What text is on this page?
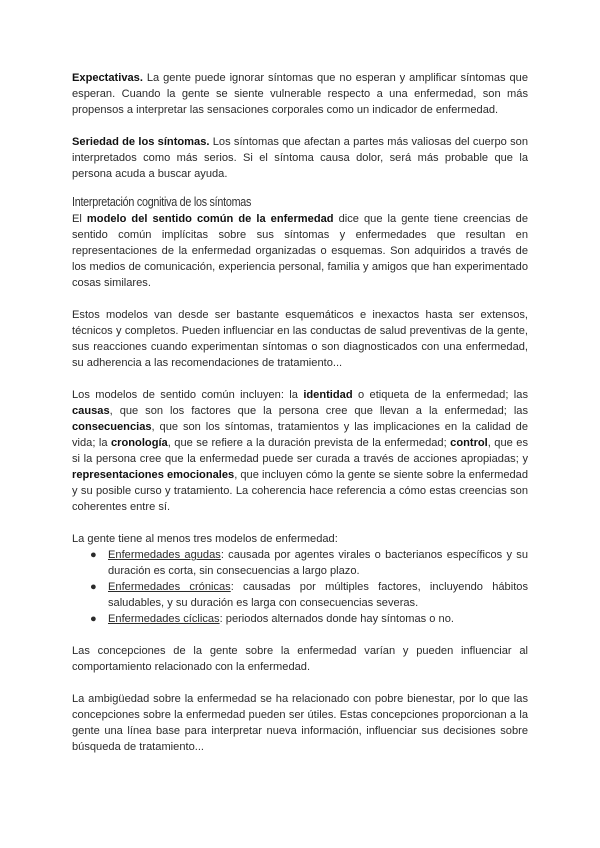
Expectativas. La gente puede ignorar síntomas que no esperan y amplificar síntomas que esperan. Cuando la gente se siente vulnerable respecto a una enfermedad, son más propensos a interpretar las sensaciones corporales como un indicador de enfermedad.

Seriedad de los síntomas. Los síntomas que afectan a partes más valiosas del cuerpo son interpretados como más serios. Si el síntoma causa dolor, será más probable que la persona acuda a buscar ayuda.

Interpretación cognitiva de los síntomas

El modelo del sentido común de la enfermedad dice que la gente tiene creencias de sentido común implícitas sobre sus síntomas y enfermedades que resultan en representaciones de la enfermedad organizadas o esquemas. Son adquiridos a través de los medios de comunicación, experiencia personal, familia y amigos que han experimentado cosas similares.

Estos modelos van desde ser bastante esquemáticos e inexactos hasta ser extensos, técnicos y completos. Pueden influenciar en las conductas de salud preventivas de la gente, sus reacciones cuando experimentan síntomas o son diagnosticados con una enfermedad, su adherencia a las recomendaciones de tratamiento...

Los modelos de sentido común incluyen: la identidad o etiqueta de la enfermedad; las causas, que son los factores que la persona cree que llevan a la enfermedad; las consecuencias, que son los síntomas, tratamientos y las implicaciones en la calidad de vida; la cronología, que se refiere a la duración prevista de la enfermedad; control, que es si la persona cree que la enfermedad puede ser curada a través de acciones apropiadas; y representaciones emocionales, que incluyen cómo la gente se siente sobre la enfermedad y su posible curso y tratamiento. La coherencia hace referencia a cómo estas creencias son coherentes entre sí.

La gente tiene al menos tres modelos de enfermedad:

● Enfermedades agudas: causada por agentes virales o bacterianos específicos y su duración es corta, sin consecuencias a largo plazo.
● Enfermedades crónicas: causadas por múltiples factores, incluyendo hábitos saludables, y su duración es larga con consecuencias severas.
● Enfermedades cíclicas: periodos alternados donde hay síntomas o no.

Las concepciones de la gente sobre la enfermedad varían y pueden influenciar al comportamiento relacionado con la enfermedad.

La ambigüedad sobre la enfermedad se ha relacionado con pobre bienestar, por lo que las concepciones sobre la enfermedad pueden ser útiles. Estas concepciones proporcionan a la gente una línea base para interpretar nueva información, influenciar sus decisiones sobre búsqueda de tratamiento...
